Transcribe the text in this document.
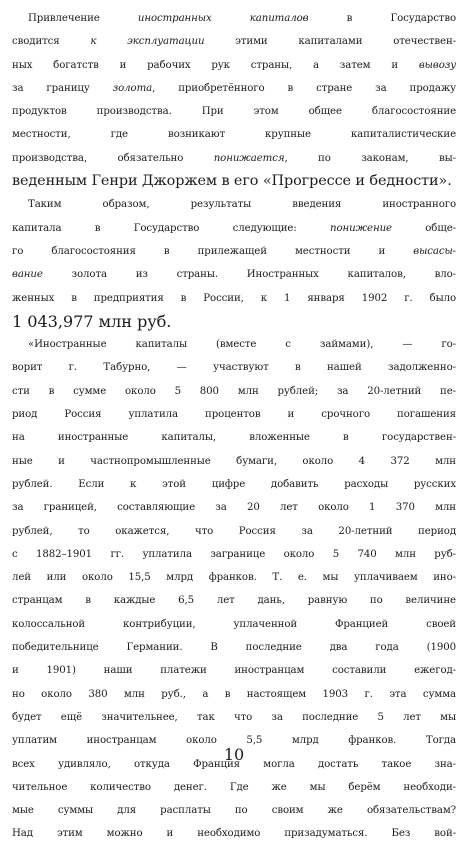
Привлечение иностранных капиталов в Государство
сводится к эксплуатации этими капиталами отечествен-
ных богатств и рабочих рук страны, а затем и вывозу
за границу золота, приобретённого в стране за продажу
продуктов производства. При этом общее благосостояние
местности, где возникают крупные капиталистические
производства, обязательно понижается, по законам, вы-
веденным Генри Джоржем в его «Прогрессе и бедности».
Таким образом, результаты введения иностранного
капитала в Государство следующие: понижение обще-
го благосостояния в прилежащей местности и высасы-
вание золота из страны. Иностранных капиталов, вло-
женных в предприятия в России, к 1 января 1902 г. было
1 043,977 млн руб.
«Иностранные капиталы (вместе с займами), — го-
ворит г. Табурно, — участвуют в нашей задолженно-
сти в сумме около 5 800 млн рублей; за 20-летний пе-
риод Россия уплатила процентов и срочного погашения
на иностранные капиталы, вложенные в государствен-
ные и частнопромышленные бумаги, около 4 372 млн
рублей. Если к этой цифре добавить расходы русских
за границей, составляющие за 20 лет около 1 370 млн
рублей, то окажется, что Россия за 20-летний период
с 1882–1901 гг. уплатила загранице около 5 740 млн руб-
лей или около 15,5 млрд франков. Т. е. мы уплачиваем ино-
странцам в каждые 6,5 лет дань, равную по величине
колоссальной контрибуции, уплаченной Францией своей
победительнице Германии. В последние два года (1900
и 1901) наши платежи иностранцам составили ежегод-
но около 380 млн руб., а в настоящем 1903 г. эта сумма
будет ещё значительнее, так что за последние 5 лет мы
уплатим иностранцам около 5,5 млрд франков. Тогда
всех удивляло, откуда Франция могла достать такое зна-
чительное количество денег. Где же мы берём необходи-
мые суммы для расплаты по своим же обязательствам?
Над этим можно и необходимо призадуматься. Без вой-
10
